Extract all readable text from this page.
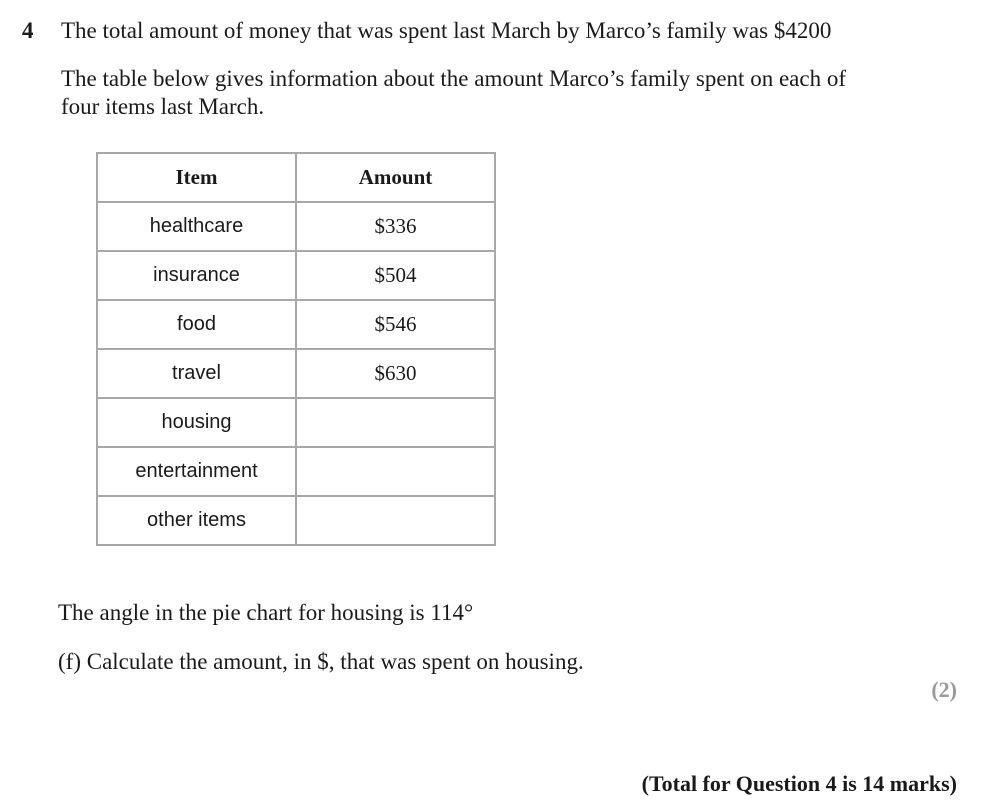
4 The total amount of money that was spent last March by Marco’s family was $4200
The table below gives information about the amount Marco’s family spent on each of
four items last March.
Item	Amount
healthcare	$336
insurance	$504
food	$546
travel	$630
housing	
entertainment	
other items	
The angle in the pie chart for housing is 114°
(f) Calculate the amount, in $, that was spent on housing.
(2)
(Total for Question 4 is 14 marks)
